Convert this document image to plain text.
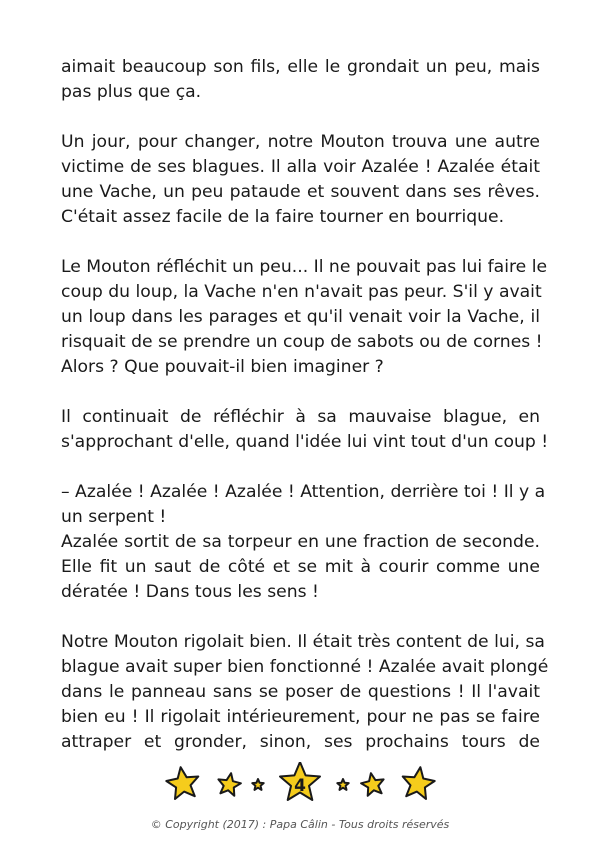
aimait beaucoup son fils, elle le grondait un peu, mais
pas plus que ça.

Un jour, pour changer, notre Mouton trouva une autre
victime de ses blagues. Il alla voir Azalée ! Azalée était
une Vache, un peu pataude et souvent dans ses rêves.
C'était assez facile de la faire tourner en bourrique.

Le Mouton réfléchit un peu... Il ne pouvait pas lui faire le
coup du loup, la Vache n'en n'avait pas peur. S'il y avait
un loup dans les parages et qu'il venait voir la Vache, il
risquait de se prendre un coup de sabots ou de cornes !
Alors ? Que pouvait-il bien imaginer ?

Il continuait de réfléchir à sa mauvaise blague, en
s'approchant d'elle, quand l'idée lui vint tout d'un coup !

– Azalée ! Azalée ! Azalée ! Attention, derrière toi ! Il y a
un serpent !
Azalée sortit de sa torpeur en une fraction de seconde.
Elle fit un saut de côté et se mit à courir comme une
dératée ! Dans tous les sens !

Notre Mouton rigolait bien. Il était très content de lui, sa
blague avait super bien fonctionné ! Azalée avait plongé
dans le panneau sans se poser de questions ! Il l'avait
bien eu ! Il rigolait intérieurement, pour ne pas se faire
attraper et gronder, sinon, ses prochains tours de

4
© Copyright (2017) : Papa Câlin - Tous droits réservés
